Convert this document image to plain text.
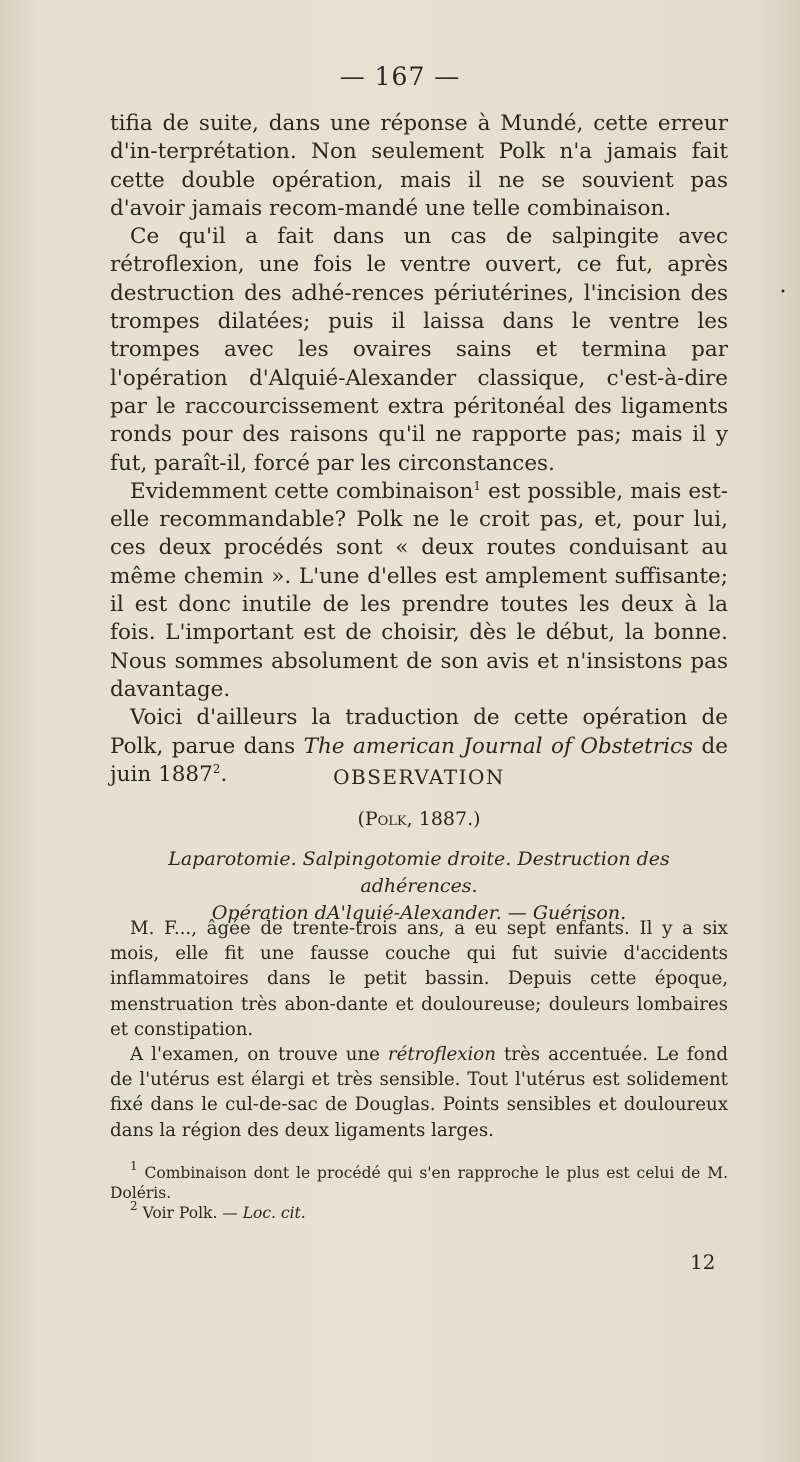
— 167 —
•

tifia de suite, dans une réponse à Mundé, cette erreur d'in-terprétation. Non seulement Polk n'a jamais fait cette double opération, mais il ne se souvient pas d'avoir jamais recom-mandé une telle combinaison.

Ce qu'il a fait dans un cas de salpingite avec rétroflexion, une fois le ventre ouvert, ce fut, après destruction des adhé-rences périutérines, l'incision des trompes dilatées; puis il laissa dans le ventre les trompes avec les ovaires sains et termina par l'opération d'Alquié-Alexander classique, c'est-à-dire par le raccourcissement extra péritonéal des ligaments ronds pour des raisons qu'il ne rapporte pas; mais il y fut, paraît-il, forcé par les circonstances.

Evidemment cette combinaison$^1$ est possible, mais est-elle recommandable? Polk ne le croit pas, et, pour lui, ces deux procédés sont « deux routes conduisant au même chemin ». L'une d'elles est amplement suffisante; il est donc inutile de les prendre toutes les deux à la fois. L'important est de choisir, dès le début, la bonne. Nous sommes absolument de son avis et n'insistons pas davantage.

Voici d'ailleurs la traduction de cette opération de Polk, parue dans The american Journal of Obstetrics de juin 1887$^2$.	OBSERVATION
(Polk, 1887.)
Laparotomie. Salpingotomie droite. Destruction des adhérences.
Opération dA'lquié-Alexander. — Guérison.

M. F..., âgée de trente-trois ans, a eu sept enfants. Il y a six mois, elle fit une fausse couche qui fut suivie d'accidents inflammatoires dans le petit bassin. Depuis cette époque, menstruation très abon-dante et douloureuse; douleurs lombaires et constipation.

A l'examen, on trouve une rétroflexion très accentuée. Le fond de l'utérus est élargi et très sensible. Tout l'utérus est solidement fixé dans le cul-de-sac de Douglas. Points sensibles et douloureux dans la région des deux ligaments larges.

$^1$ Combinaison dont le procédé qui s'en rapproche le plus est celui de M. Doléris.

$^2$ Voir Polk. — Loc. cit.

12
